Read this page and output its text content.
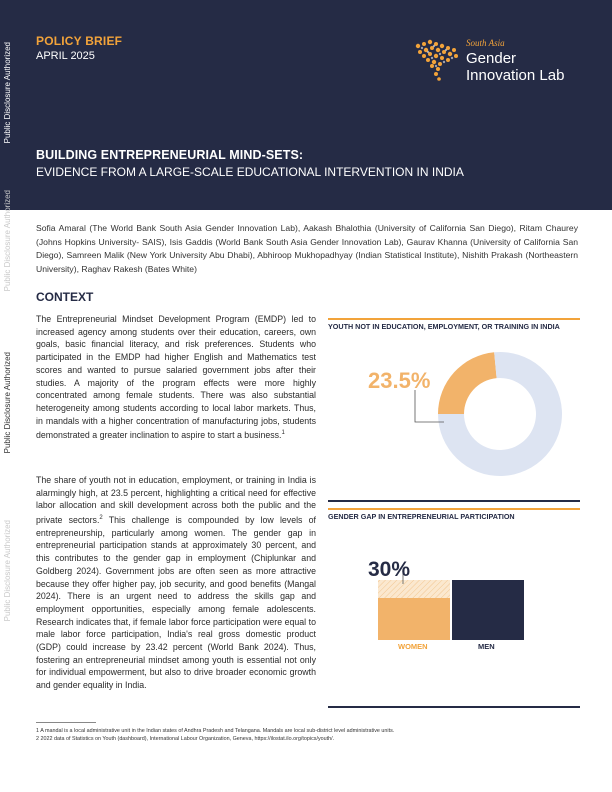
Public Disclosure Authorized
Public Disclosure Authorized
Public Disclosure Authorized
Public Disclosure Authorized
POLICY BRIEF
APRIL 2025
South Asia
Gender
Innovation Lab
BUILDING ENTREPRENEURIAL MIND-SETS:
EVIDENCE FROM A LARGE-SCALE EDUCATIONAL INTERVENTION IN INDIA
Sofia Amaral (The World Bank South Asia Gender Innovation Lab), Aakash Bhalothia (University of California San Diego), Ritam Chaurey (Johns Hopkins University- SAIS), Isis Gaddis (World Bank South Asia Gender Innovation Lab), Gaurav Khanna (University of California San Diego), Samreen Malik (New York University Abu Dhabi), Abhiroop Mukhopadhyay (Indian Statistical Institute), Nishith Prakash (Northeastern University), Raghav Rakesh (Bates White)
CONTEXT
The Entrepreneurial Mindset Development Program (EMDP) led to increased agency among students over their education, careers, own goals, basic financial literacy, and risk preferences. Students who participated in the EMDP had higher English and Mathematics test scores and wanted to pursue salaried government jobs after their studies. A majority of the program effects were more highly concentrated among female students. There was also substantial heterogeneity among students according to local labor markets. Thus, in mandals with a higher concentration of manufacturing jobs, students demonstrated a greater inclination to aspire to start a business.$^1$
The share of youth not in education, employment, or training in India is alarmingly high, at 23.5 percent, highlighting a critical need for effective labor allocation and skill development across both the public and the private sectors.$^2$ This challenge is compounded by low levels of entrepreneurship, particularly among women. The gender gap in entrepreneurial participation stands at approximately 30 percent, and this contributes to the gender gap in employment (Chiplunkar and Goldberg 2024). Government jobs are often seen as more attractive because they offer higher pay, job security, and good benefits (Mangal 2024). There is an urgent need to address the skills gap and employment opportunities, especially among female adolescents. Research indicates that, if female labor force participation were equal to male labor force participation, India's real gross domestic product (GDP) could increase by 23.42 percent (World Bank 2024). Thus, fostering an entrepreneurial mindset among youth is essential not only for individual empowerment, but also to drive broader economic growth and gender equality in India.
YOUTH NOT IN EDUCATION, EMPLOYMENT, OR TRAINING IN INDIA
23.5%
GENDER GAP IN ENTREPRENEURIAL PARTICIPATION
30%
WOMEN	MEN
1 A mandal is a local administrative unit in the Indian states of Andhra Pradesh and Telangana. Mandals are local sub-district level administrative units.
2 2022 data of Statistics on Youth (dashboard), International Labour Organization, Geneva, https://ilostat.ilo.org/topics/youth/.
